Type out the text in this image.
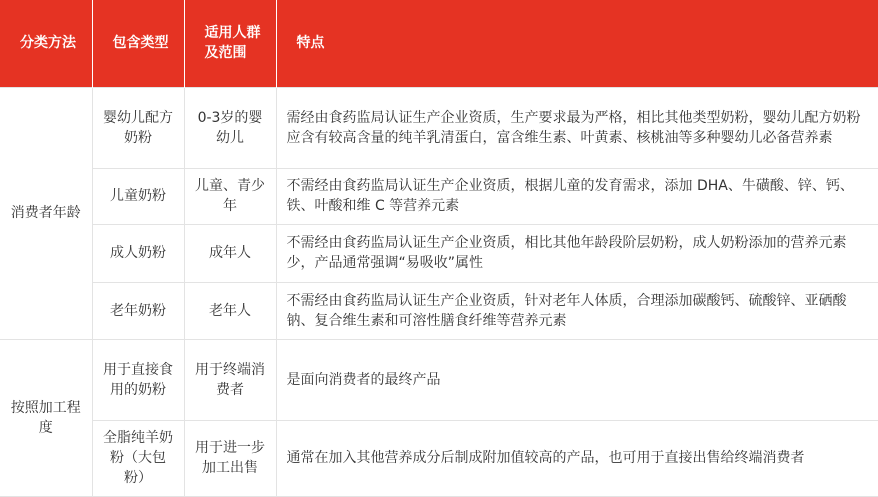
分类方法	包含类型	适用人群及范围	特点
消费者年龄	婴幼儿配方奶粉	0-3岁的婴幼儿	需经由食药监局认证生产企业资质，生产要求最为严格，相比其他类型奶粉，婴幼儿配方奶粉应含有较高含量的纯羊乳清蛋白，富含维生素、叶黄素、核桃油等多种婴幼儿必备营养素
	儿童奶粉	儿童、青少年	不需经由食药监局认证生产企业资质，根据儿童的发育需求，添加 DHA、牛磺酸、锌、钙、铁、叶酸和维 C 等营养元素
	成人奶粉	成年人	不需经由食药监局认证生产企业资质，相比其他年龄段阶层奶粉，成人奶粉添加的营养元素少，产品通常强调“易吸收”属性
	老年奶粉	老年人	不需经由食药监局认证生产企业资质，针对老年人体质，合理添加碳酸钙、硫酸锌、亚硒酸钠、复合维生素和可溶性膳食纤维等营养元素
按照加工程度	用于直接食用的奶粉	用于终端消费者	是面向消费者的最终产品
	全脂纯羊奶粉（大包粉）	用于进一步加工出售	通常在加入其他营养成分后制成附加值较高的产品，也可用于直接出售给终端消费者
